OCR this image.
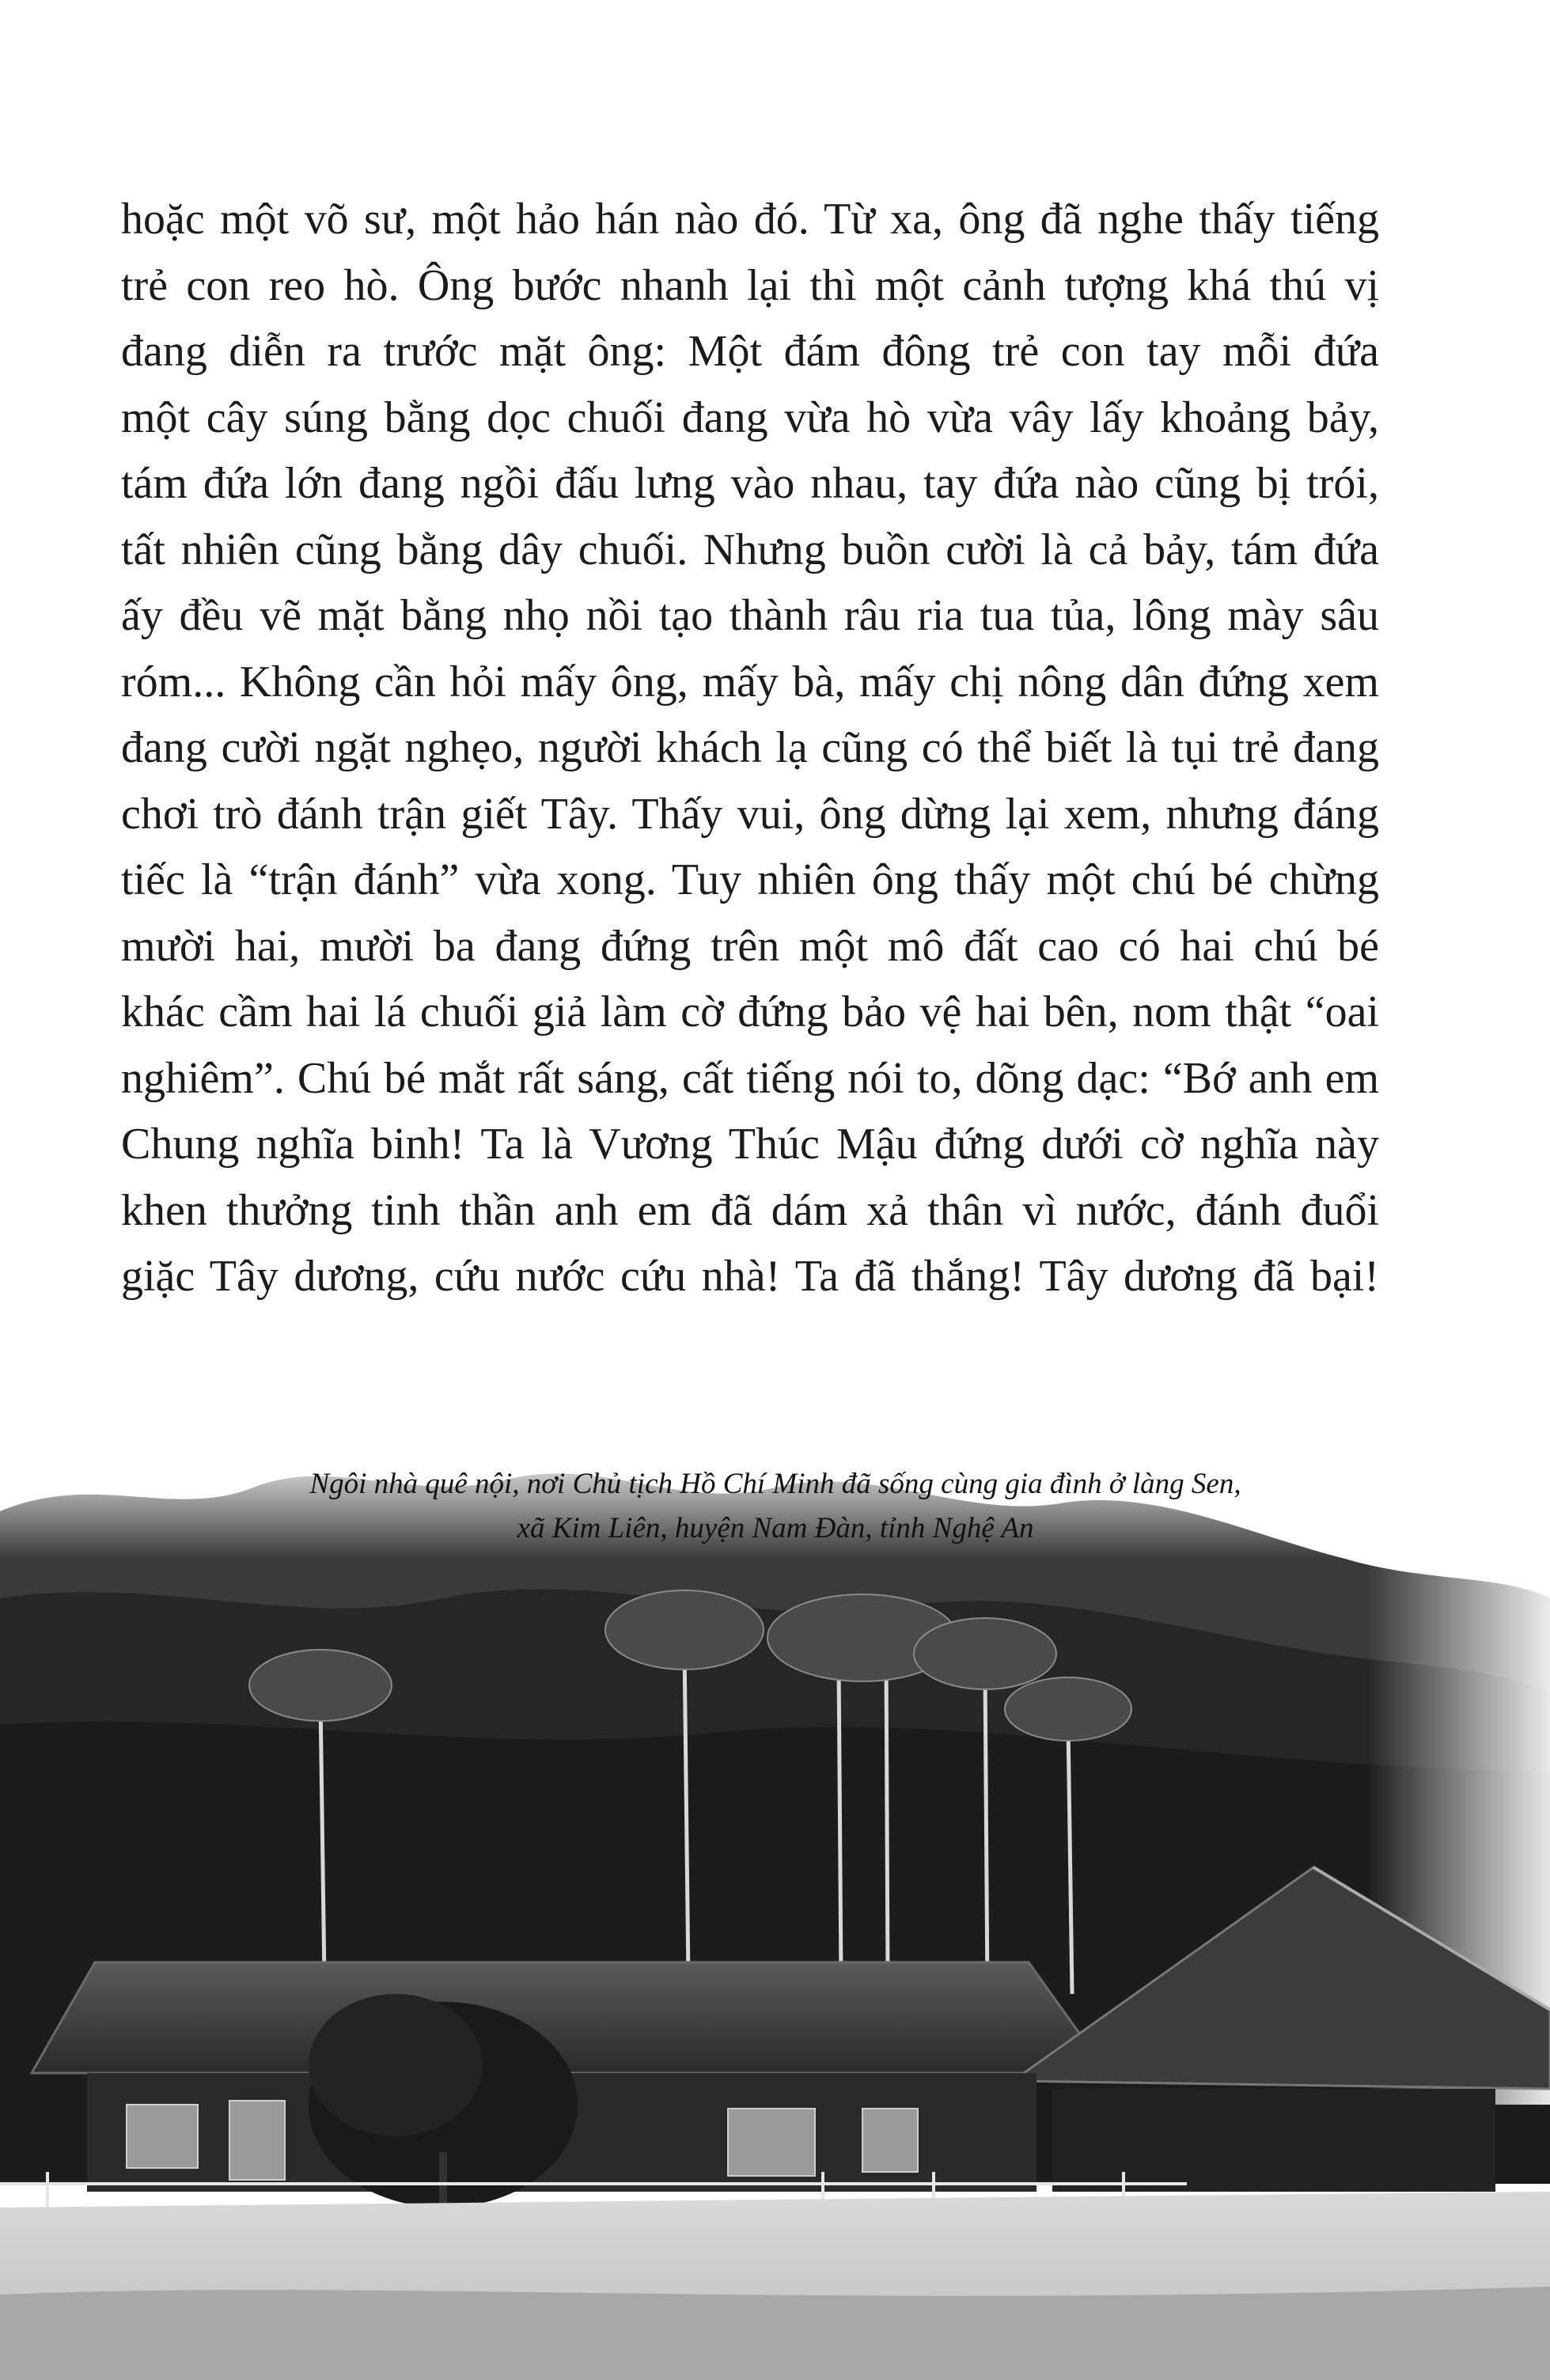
hoặc một võ sư, một hảo hán nào đó. Từ xa, ông đã nghe thấy tiếng
trẻ con reo hò. Ông bước nhanh lại thì một cảnh tượng khá thú vị
đang diễn ra trước mặt ông: Một đám đông trẻ con tay mỗi đứa
một cây súng bằng dọc chuối đang vừa hò vừa vây lấy khoảng bảy,
tám đứa lớn đang ngồi đấu lưng vào nhau, tay đứa nào cũng bị trói,
tất nhiên cũng bằng dây chuối. Nhưng buồn cười là cả bảy, tám đứa
ấy đều vẽ mặt bằng nhọ nồi tạo thành râu ria tua tủa, lông mày sâu
róm... Không cần hỏi mấy ông, mấy bà, mấy chị nông dân đứng xem
đang cười ngặt nghẹo, người khách lạ cũng có thể biết là tụi trẻ đang
chơi trò đánh trận giết Tây. Thấy vui, ông dừng lại xem, nhưng đáng
tiếc là “trận đánh” vừa xong. Tuy nhiên ông thấy một chú bé chừng
mười hai, mười ba đang đứng trên một mô đất cao có hai chú bé
khác cầm hai lá chuối giả làm cờ đứng bảo vệ hai bên, nom thật “oai
nghiêm”. Chú bé mắt rất sáng, cất tiếng nói to, dõng dạc: “Bớ anh em
Chung nghĩa binh! Ta là Vương Thúc Mậu đứng dưới cờ nghĩa này
khen thưởng tinh thần anh em đã dám xả thân vì nước, đánh đuổi
giặc Tây dương, cứu nước cứu nhà! Ta đã thắng! Tây dương đã bại!
Ngôi nhà quê nội, nơi Chủ tịch Hồ Chí Minh đã sống cùng gia đình ở làng Sen,
xã Kim Liên, huyện Nam Đàn, tỉnh Nghệ An
